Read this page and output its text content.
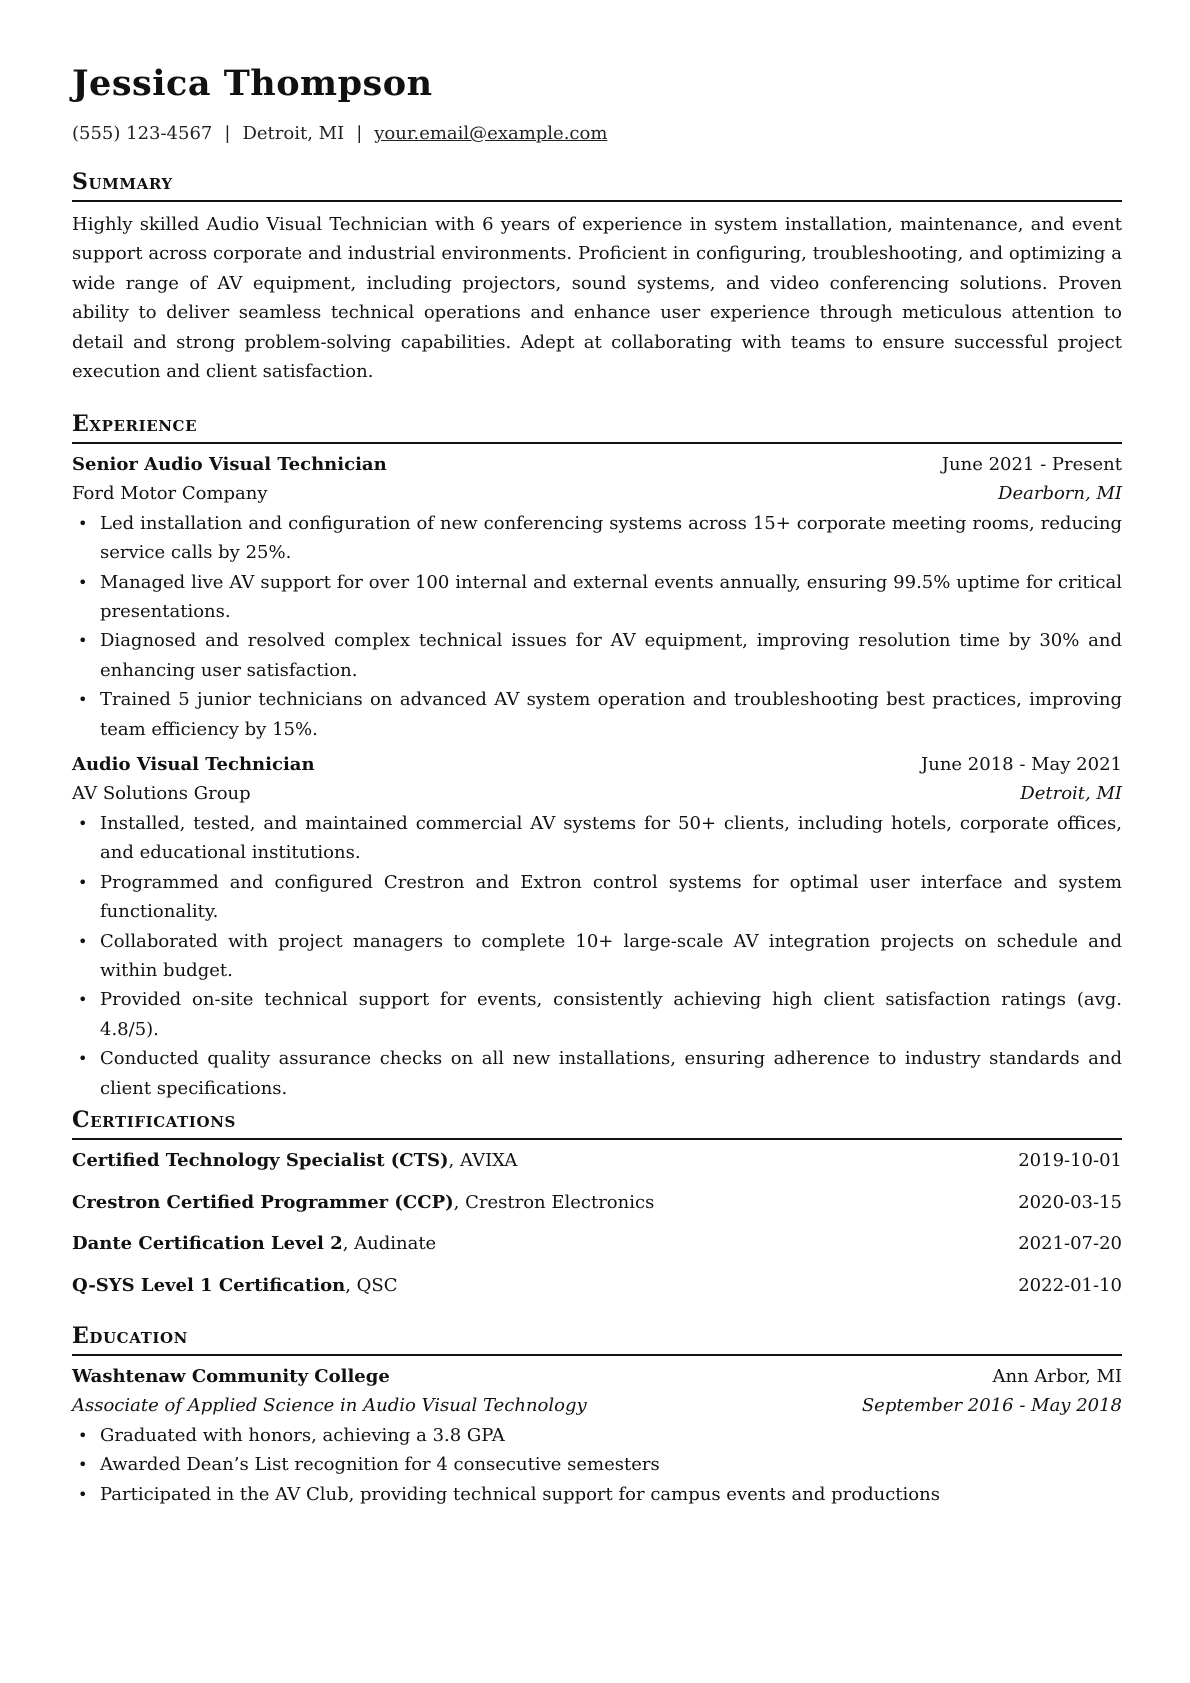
Jessica Thompson
(555) 123-4567 | Detroit, MI | your.email@example.com
Summary
Highly skilled Audio Visual Technician with 6 years of experience in system installation, maintenance, and event support across corporate and industrial environments. Proficient in configuring, troubleshooting, and optimizing a wide range of AV equipment, including projectors, sound systems, and video conferencing solutions. Proven ability to deliver seamless technical operations and enhance user experience through meticulous attention to detail and strong problem-solving capabilities. Adept at collaborating with teams to ensure successful project execution and client satisfaction.
Experience
Senior Audio Visual Technician	June 2021 - Present
Ford Motor Company	Dearborn, MI
• Led installation and configuration of new conferencing systems across 15+ corporate meeting rooms, reducing service calls by 25%.
• Managed live AV support for over 100 internal and external events annually, ensuring 99.5% uptime for critical presentations.
• Diagnosed and resolved complex technical issues for AV equipment, improving resolution time by 30% and enhancing user satisfaction.
• Trained 5 junior technicians on advanced AV system operation and troubleshooting best practices, improving team efficiency by 15%.
Audio Visual Technician	June 2018 - May 2021
AV Solutions Group	Detroit, MI
• Installed, tested, and maintained commercial AV systems for 50+ clients, including hotels, corporate offices, and educational institutions.
• Programmed and configured Crestron and Extron control systems for optimal user interface and system functionality.
• Collaborated with project managers to complete 10+ large-scale AV integration projects on schedule and within budget.
• Provided on-site technical support for events, consistently achieving high client satisfaction ratings (avg. 4.8/5).
• Conducted quality assurance checks on all new installations, ensuring adherence to industry standards and client specifications.
Certifications
Certified Technology Specialist (CTS), AVIXA	2019-10-01
Crestron Certified Programmer (CCP), Crestron Electronics	2020-03-15
Dante Certification Level 2, Audinate	2021-07-20
Q-SYS Level 1 Certification, QSC	2022-01-10
Education
Washtenaw Community College	Ann Arbor, MI
Associate of Applied Science in Audio Visual Technology	September 2016 - May 2018
• Graduated with honors, achieving a 3.8 GPA
• Awarded Dean’s List recognition for 4 consecutive semesters
• Participated in the AV Club, providing technical support for campus events and productions
